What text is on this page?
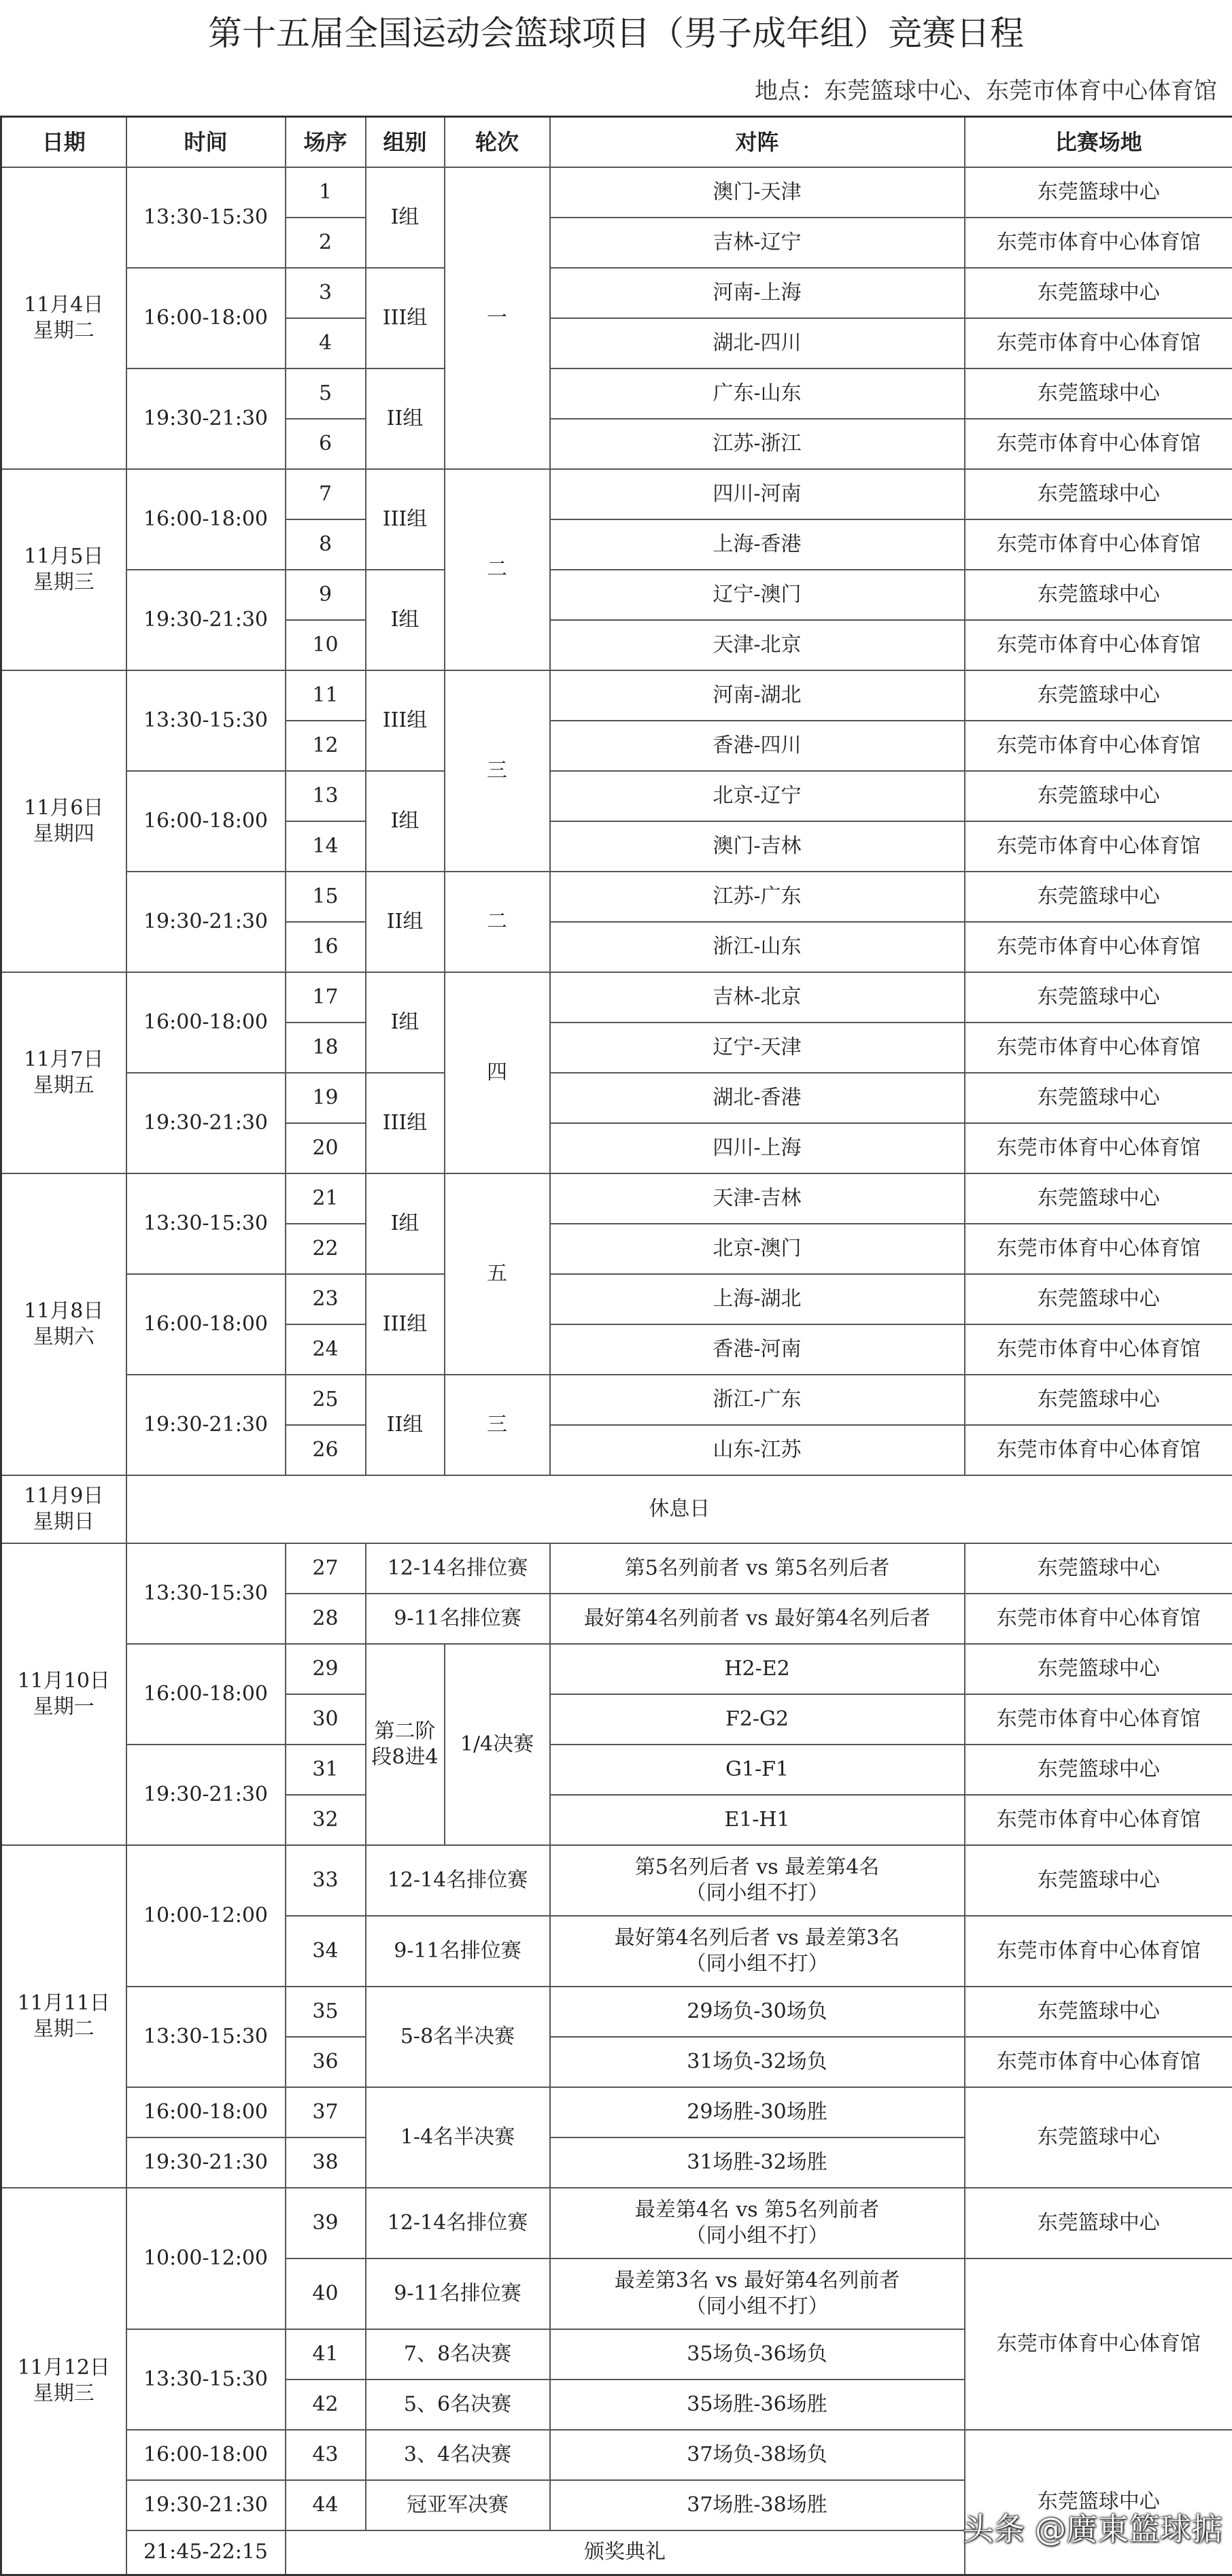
第十五届全国运动会篮球项目（男子成年组）竞赛日程
地点：东莞篮球中心、东莞市体育中心体育馆
日期	时间	场序	组别	轮次	对阵	比赛场地
11月4日
星期二	13:30-15:30	1	I组	一	澳门-天津	东莞篮球中心
		2			吉林-辽宁	东莞市体育中心体育馆
	16:00-18:00	3	III组		河南-上海	东莞篮球中心
		4			湖北-四川	东莞市体育中心体育馆
	19:30-21:30	5	II组		广东-山东	东莞篮球中心
		6			江苏-浙江	东莞市体育中心体育馆
11月5日
星期三	16:00-18:00	7	III组	二	四川-河南	东莞篮球中心
		8			上海-香港	东莞市体育中心体育馆
	19:30-21:30	9	I组		辽宁-澳门	东莞篮球中心
		10			天津-北京	东莞市体育中心体育馆
11月6日
星期四	13:30-15:30	11	III组	三	河南-湖北	东莞篮球中心
		12			香港-四川	东莞市体育中心体育馆
	16:00-18:00	13	I组		北京-辽宁	东莞篮球中心
		14			澳门-吉林	东莞市体育中心体育馆
	19:30-21:30	15	II组	二	江苏-广东	东莞篮球中心
		16			浙江-山东	东莞市体育中心体育馆
11月7日
星期五	16:00-18:00	17	I组	四	吉林-北京	东莞篮球中心
		18			辽宁-天津	东莞市体育中心体育馆
	19:30-21:30	19	III组		湖北-香港	东莞篮球中心
		20			四川-上海	东莞市体育中心体育馆
11月8日
星期六	13:30-15:30	21	I组	五	天津-吉林	东莞篮球中心
		22			北京-澳门	东莞市体育中心体育馆
	16:00-18:00	23	III组		上海-湖北	东莞篮球中心
		24			香港-河南	东莞市体育中心体育馆
	19:30-21:30	25	II组	三	浙江-广东	东莞篮球中心
		26			山东-江苏	东莞市体育中心体育馆
11月9日
星期日	休息日					
11月10日
星期一	13:30-15:30	27	12-14名排位赛		第5名列前者 vs 第5名列后者	东莞篮球中心
		28	9-11名排位赛		最好第4名列前者 vs 最好第4名列后者	东莞市体育中心体育馆
	16:00-18:00	29	第二阶段8进4	1/4决赛	H2-E2	东莞篮球中心
		30			F2-G2	东莞市体育中心体育馆
	19:30-21:30	31			G1-F1	东莞篮球中心
		32			E1-H1	东莞市体育中心体育馆
11月11日
星期二	10:00-12:00	33	12-14名排位赛		第5名列后者 vs 最差第4名
（同小组不打）	东莞篮球中心
		34	9-11名排位赛		最好第4名列后者 vs 最差第3名
（同小组不打）	东莞市体育中心体育馆
	13:30-15:30	35	5-8名半决赛		29场负-30场负	东莞篮球中心
		36			31场负-32场负	东莞市体育中心体育馆
	16:00-18:00	37	1-4名半决赛		29场胜-30场胜	东莞篮球中心
	19:30-21:30	38			31场胜-32场胜	
11月12日
星期三	10:00-12:00	39	12-14名排位赛		最差第4名 vs 第5名列前者
（同小组不打）	东莞篮球中心
		40	9-11名排位赛		最差第3名 vs 最好第4名列前者
（同小组不打）	东莞市体育中心体育馆
	13:30-15:30	41	7、8名决赛		35场负-36场负	
		42	5、6名决赛		35场胜-36场胜	
	16:00-18:00	43	3、4名决赛		37场负-38场负	东莞篮球中心
	19:30-21:30	44	冠亚军决赛		37场胜-38场胜	
	21:45-22:15	颁奖典礼				
头条 @廣東篮球掂
